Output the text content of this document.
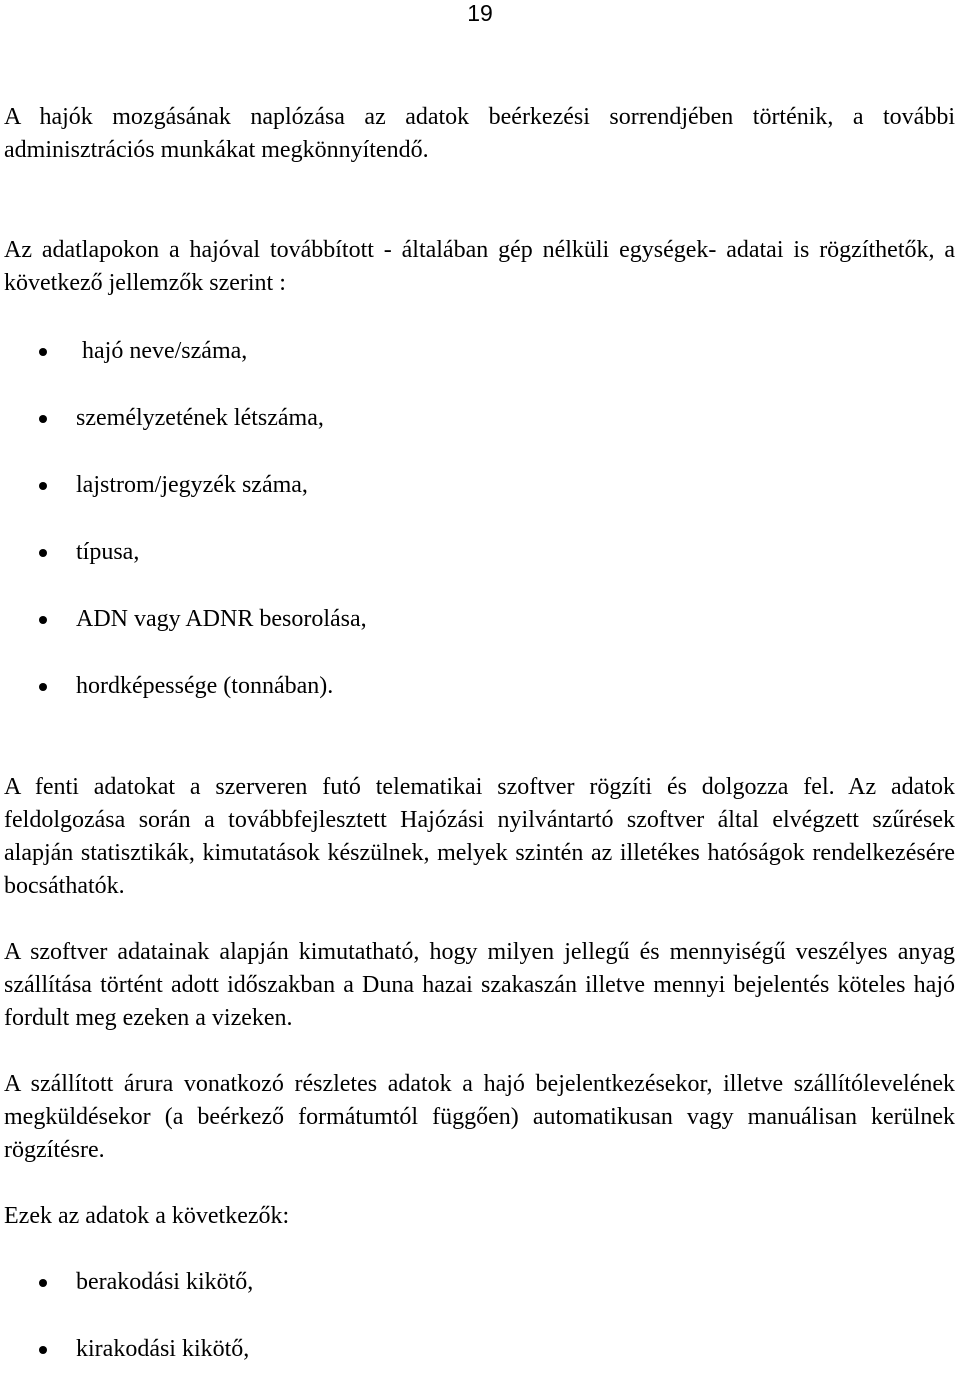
19

A hajók mozgásának naplózása az adatok beérkezési sorrendjében történik, a további adminisztrációs munkákat megkönnyítendő.

Az adatlapokon a hajóval továbbított - általában gép nélküli egységek- adatai is rögzíthetők, a következő jellemzők szerint :

hajó neve/száma,
személyzetének létszáma,
lajstrom/jegyzék száma,
típusa,
ADN vagy ADNR besorolása,
hordképessége (tonnában).

A fenti adatokat a szerveren futó telematikai szoftver rögzíti és dolgozza fel. Az adatok feldolgozása során a továbbfejlesztett Hajózási nyilvántartó szoftver által elvégzett szűrések alapján statisztikák, kimutatások készülnek, melyek szintén az illetékes hatóságok rendelkezésére bocsáthatók.

A szoftver adatainak alapján kimutatható, hogy milyen jellegű és mennyiségű veszélyes anyag szállítása történt adott időszakban a Duna hazai szakaszán illetve mennyi bejelentés köteles hajó fordult meg ezeken a vizeken.

A szállított árura vonatkozó részletes adatok a hajó bejelentkezésekor, illetve szállítólevelének megküldésekor (a beérkező formátumtól függően) automatikusan vagy manuálisan kerülnek rögzítésre.

Ezek az adatok a következők:

berakodási kikötő,
kirakodási kikötő,
